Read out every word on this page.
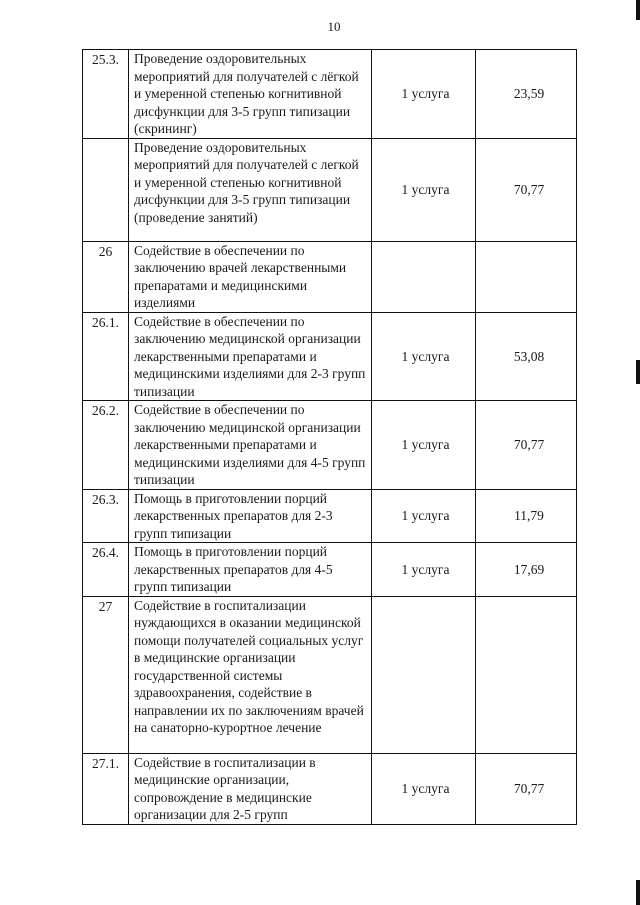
10
25.3.	Проведение оздоровительных мероприятий для получателей с лёгкой и умеренной степенью когнитивной дисфункции для 3-5 групп типизации (скрининг)	1 услуга	23,59
	Проведение оздоровительных мероприятий для получателей с легкой и умеренной степенью когнитивной дисфункции для 3-5 групп типизации (проведение занятий)	1 услуга	70,77
26	Содействие в обеспечении по заключению врачей лекарственными препаратами и медицинскими изделиями		
26.1.	Содействие в обеспечении по заключению медицинской организации лекарственными препаратами и медицинскими изделиями для 2-3 групп типизации	1 услуга	53,08
26.2.	Содействие в обеспечении по заключению медицинской организации лекарственными препаратами и медицинскими изделиями для 4-5 групп типизации	1 услуга	70,77
26.3.	Помощь в приготовлении порций лекарственных препаратов для 2-3 групп типизации	1 услуга	11,79
26.4.	Помощь в приготовлении порций лекарственных препаратов для 4-5 групп типизации	1 услуга	17,69
27	Содействие в госпитализации нуждающихся в оказании медицинской помощи получателей социальных услуг в медицинские организации государственной системы здравоохранения, содействие в направлении их по заключениям врачей на санаторно-курортное лечение		
27.1.	Содействие в госпитализации в медицинские организации, сопровождение в медицинские организации для 2-5 групп	1 услуга	70,77
